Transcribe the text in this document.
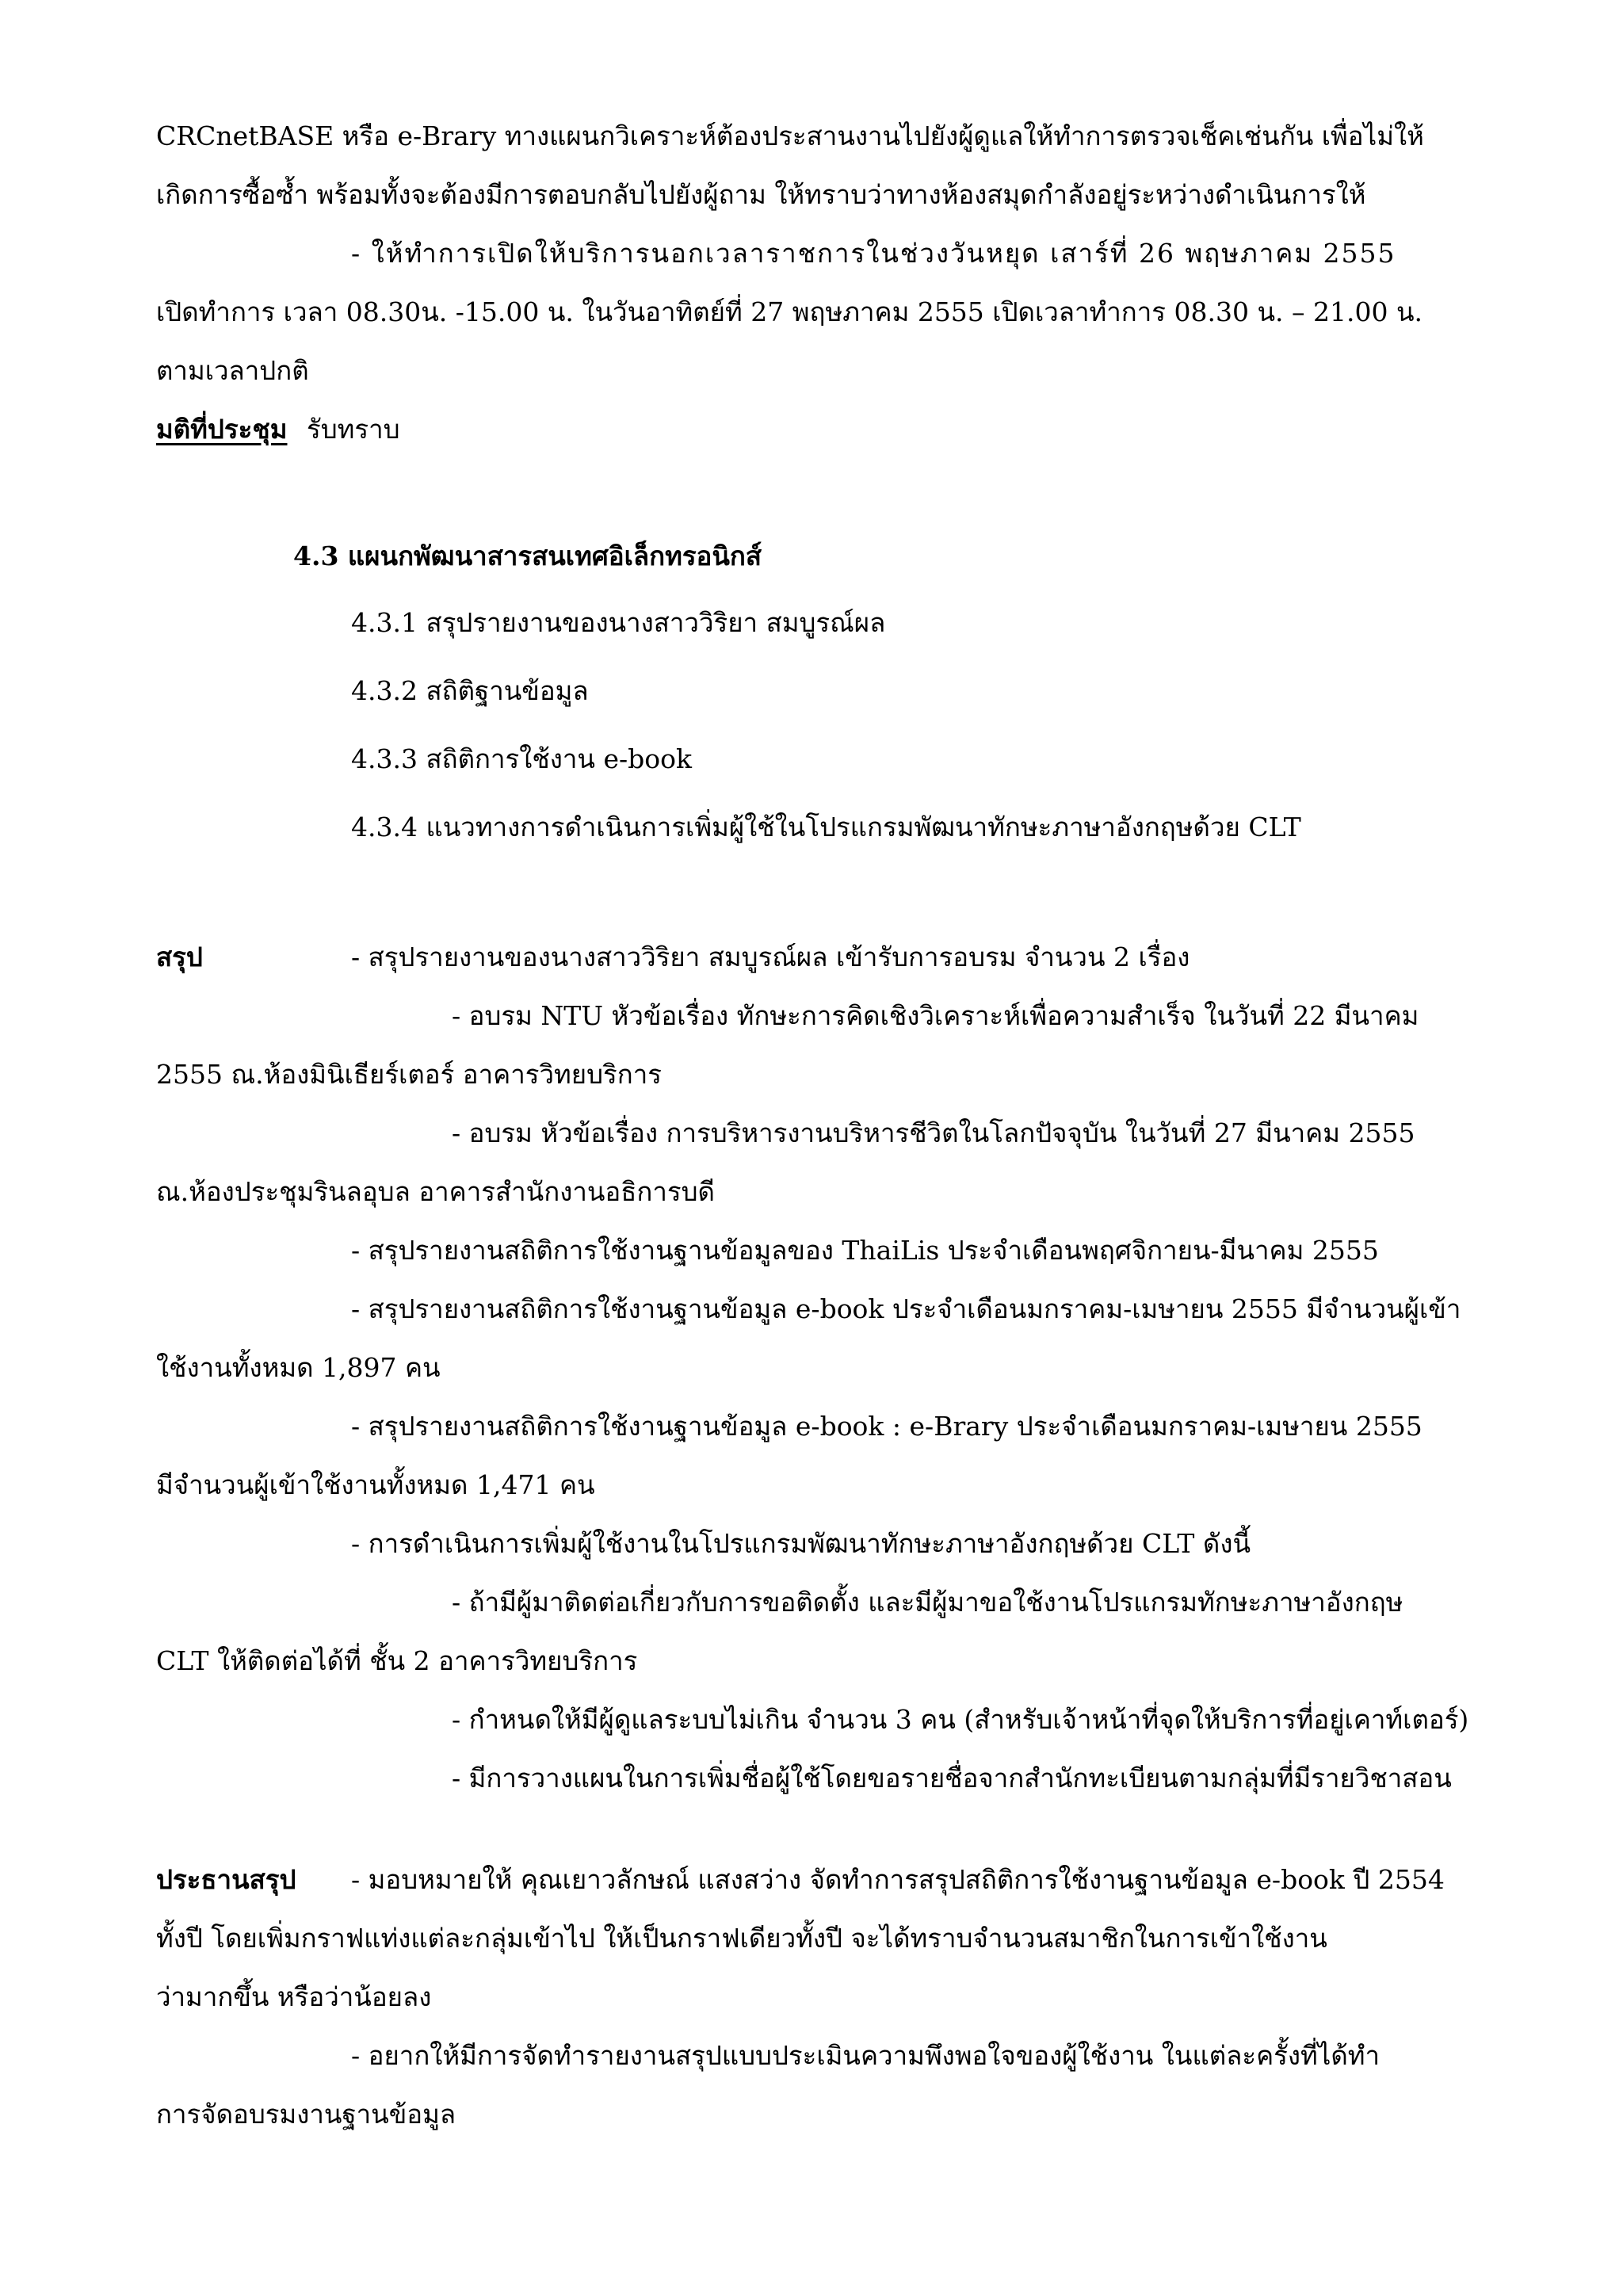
CRCnetBASE หรือ e-Brary ทางแผนกวิเคราะห์ต้องประสานงานไปยังผู้ดูแลให้ทำการตรวจเช็คเช่นกัน เพื่อไม่ให้
เกิดการซื้อซ้ำ พร้อมทั้งจะต้องมีการตอบกลับไปยังผู้ถาม ให้ทราบว่าทางห้องสมุดกำลังอยู่ระหว่างดำเนินการให้
- ให้ทำการเปิดให้บริการนอกเวลาราชการในช่วงวันหยุด เสาร์ที่ 26 พฤษภาคม 2555
เปิดทำการ เวลา 08.30น. -15.00 น. ในวันอาทิตย์ที่ 27 พฤษภาคม 2555 เปิดเวลาทำการ 08.30 น. – 21.00 น.
ตามเวลาปกติ
มติที่ประชุม รับทราบ
4.3 แผนกพัฒนาสารสนเทศอิเล็กทรอนิกส์
4.3.1 สรุปรายงานของนางสาววิริยา สมบูรณ์ผล
4.3.2 สถิติฐานข้อมูล
4.3.3 สถิติการใช้งาน e-book
4.3.4 แนวทางการดำเนินการเพิ่มผู้ใช้ในโปรแกรมพัฒนาทักษะภาษาอังกฤษด้วย CLT
สรุป	- สรุปรายงานของนางสาววิริยา สมบูรณ์ผล เข้ารับการอบรม จำนวน 2 เรื่อง
- อบรม NTU หัวข้อเรื่อง ทักษะการคิดเชิงวิเคราะห์เพื่อความสำเร็จ ในวันที่ 22 มีนาคม
2555 ณ.ห้องมินิเธียร์เตอร์ อาคารวิทยบริการ
- อบรม หัวข้อเรื่อง การบริหารงานบริหารชีวิตในโลกปัจจุบัน ในวันที่ 27 มีนาคม 2555
ณ.ห้องประชุมรินลอุบล อาคารสำนักงานอธิการบดี
- สรุปรายงานสถิติการใช้งานฐานข้อมูลของ ThaiLis ประจำเดือนพฤศจิกายน-มีนาคม 2555
- สรุปรายงานสถิติการใช้งานฐานข้อมูล e-book ประจำเดือนมกราคม-เมษายน 2555 มีจำนวนผู้เข้า
ใช้งานทั้งหมด 1,897 คน
- สรุปรายงานสถิติการใช้งานฐานข้อมูล e-book : e-Brary ประจำเดือนมกราคม-เมษายน 2555
มีจำนวนผู้เข้าใช้งานทั้งหมด 1,471 คน
- การดำเนินการเพิ่มผู้ใช้งานในโปรแกรมพัฒนาทักษะภาษาอังกฤษด้วย CLT ดังนี้
- ถ้ามีผู้มาติดต่อเกี่ยวกับการขอติดตั้ง และมีผู้มาขอใช้งานโปรแกรมทักษะภาษาอังกฤษ
CLT ให้ติดต่อได้ที่ ชั้น 2 อาคารวิทยบริการ
- กำหนดให้มีผู้ดูแลระบบไม่เกิน จำนวน 3 คน (สำหรับเจ้าหน้าที่จุดให้บริการที่อยู่เคาท์เตอร์)
- มีการวางแผนในการเพิ่มชื่อผู้ใช้โดยขอรายชื่อจากสำนักทะเบียนตามกลุ่มที่มีรายวิชาสอน
ประธานสรุป - มอบหมายให้ คุณเยาวลักษณ์ แสงสว่าง จัดทำการสรุปสถิติการใช้งานฐานข้อมูล e-book ปี 2554
ทั้งปี โดยเพิ่มกราฟแท่งแต่ละกลุ่มเข้าไป ให้เป็นกราฟเดียวทั้งปี จะได้ทราบจำนวนสมาชิกในการเข้าใช้งาน
ว่ามากขึ้น หรือว่าน้อยลง
- อยากให้มีการจัดทำรายงานสรุปแบบประเมินความพึงพอใจของผู้ใช้งาน ในแต่ละครั้งที่ได้ทำ
การจัดอบรมงานฐานข้อมูล
